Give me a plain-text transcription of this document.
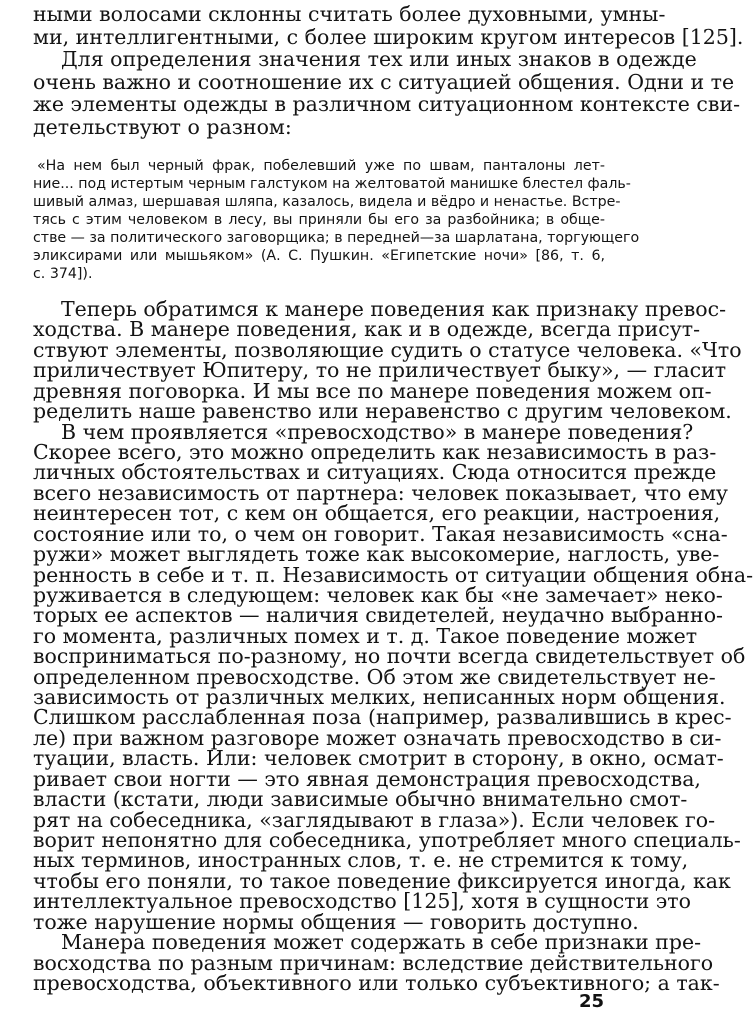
ными волосами склонны считать более духовными, умны-
ми, интеллигентными, с более широким кругом интересов [125].
Для определения значения тех или иных знаков в одежде
очень важно и соотношение их с ситуацией общения. Одни и те
же элементы одежды в различном ситуационном контексте сви-
детельствуют о разном:
«На нем был черный фрак, побелевший уже по швам, панталоны лет-
ние... под истертым черным галстуком на желтоватой манишке блестел фаль-
шивый алмаз, шершавая шляпа, казалось, видела и вёдро и ненастье. Встре-
тясь с этим человеком в лесу, вы приняли бы его за разбойника; в обще-
стве — за политического заговорщика; в передней—за шарлатана, торгующего
эликсирами или мышьяком» (А. С. Пушкин. «Египетские ночи» [86, т. 6,
с. 374]).
Теперь обратимся к манере поведения как признаку превос-
ходства. В манере поведения, как и в одежде, всегда присут-
ствуют элементы, позволяющие судить о статусе человека. «Что
приличествует Юпитеру, то не приличествует быку», — гласит
древняя поговорка. И мы все по манере поведения можем оп-
ределить наше равенство или неравенство с другим человеком.
В чем проявляется «превосходство» в манере поведения?
Скорее всего, это можно определить как независимость в раз-
личных обстоятельствах и ситуациях. Сюда относится прежде
всего независимость от партнера: человек показывает, что ему
неинтересен тот, с кем он общается, его реакции, настроения,
состояние или то, о чем он говорит. Такая независимость «сна-
ружи» может выглядеть тоже как высокомерие, наглость, уве-
ренность в себе и т. п. Независимость от ситуации общения обна-
руживается в следующем: человек как бы «не замечает» неко-
торых ее аспектов — наличия свидетелей, неудачно выбранно-
го момента, различных помех и т. д. Такое поведение может
восприниматься по-разному, но почти всегда свидетельствует об
определенном превосходстве. Об этом же свидетельствует не-
зависимость от различных мелких, неписанных норм общения.
Слишком расслабленная поза (например, развалившись в крес-
ле) при важном разговоре может означать превосходство в си-
туации, власть. Или: человек смотрит в сторону, в окно, осмат-
ривает свои ногти — это явная демонстрация превосходства,
власти (кстати, люди зависимые обычно внимательно смот-
рят на собеседника, «заглядывают в глаза»). Если человек го-
ворит непонятно для собеседника, употребляет много специаль-
ных терминов, иностранных слов, т. е. не стремится к тому,
чтобы его поняли, то такое поведение фиксируется иногда, как
интеллектуальное превосходство [125], хотя в сущности это
тоже нарушение нормы общения — говорить доступно.
Манера поведения может содержать в себе признаки пре-
восходства по разным причинам: вследствие действительного
превосходства, объективного или только субъективного; а так-
25
